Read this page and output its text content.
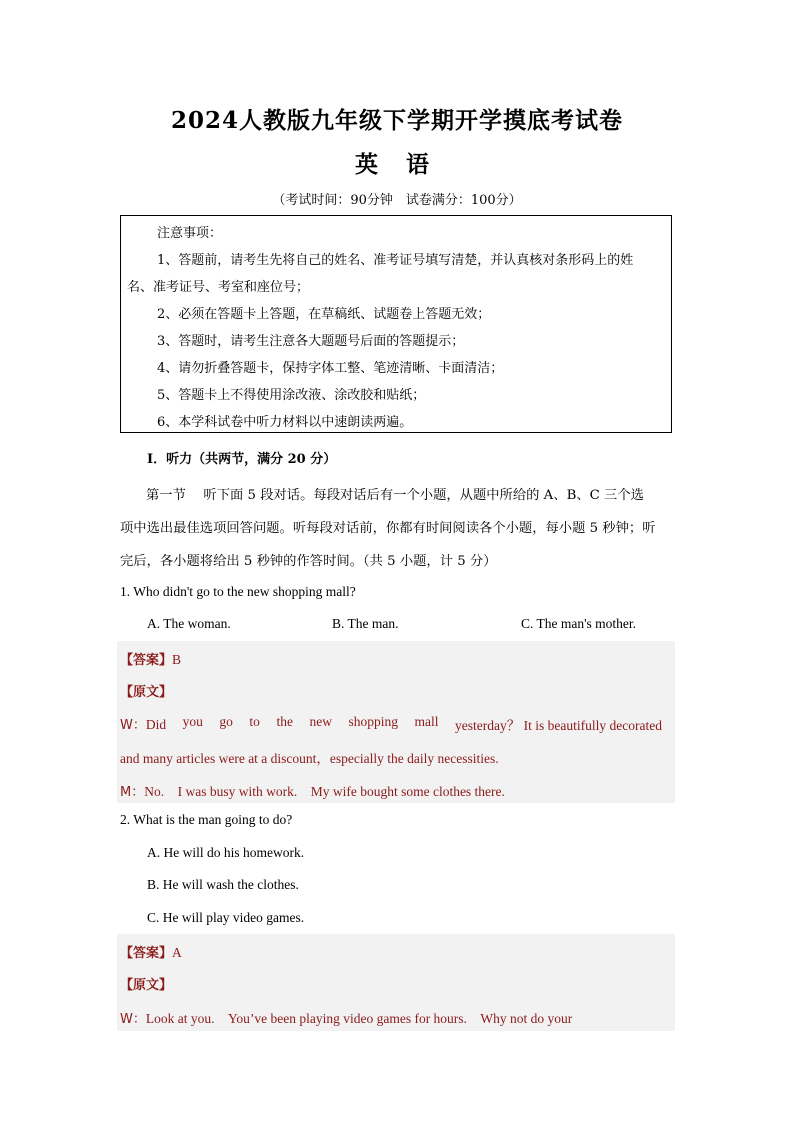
2024人教版九年级下学期开学摸底考试卷
英 语
（考试时间：90分钟　试卷满分：100分）
注意事项：
1、答题前，请考生先将自己的姓名、准考证号填写清楚，并认真核对条形码上的姓
名、准考证号、考室和座位号；
2、必须在答题卡上答题，在草稿纸、试题卷上答题无效；
3、答题时，请考生注意各大题题号后面的答题提示；
4、请勿折叠答题卡，保持字体工整、笔迹清晰、卡面清洁；
5、答题卡上不得使用涂改液、涂改胶和贴纸；
6、本学科试卷中听力材料以中速朗读两遍。
I．听力（共两节，满分 20 分）
第一节　 听下面 5 段对话。每段对话后有一个小题，从题中所给的 A、B、C 三个选
项中选出最佳选项回答问题。听每段对话前，你都有时间阅读各个小题，每小题 5 秒钟；听
完后，各小题将给出 5 秒钟的作答时间。（共 5 小题，计 5 分）
1. Who didn't go to the new shopping mall?
A. The woman.	B. The man.	C. The man's mother.
【答案】B
【原文】
W：Did you go to the new shopping mall yesterday？ It is beautifully decorated
and many articles were at a discount，especially the daily necessities.
M：No.　I was busy with work.　My wife bought some clothes there.
2. What is the man going to do?
A. He will do his homework.
B. He will wash the clothes.
C. He will play video games.
【答案】A
【原文】
W：Look at you.　You’ve been playing video games for hours.　Why not do your
